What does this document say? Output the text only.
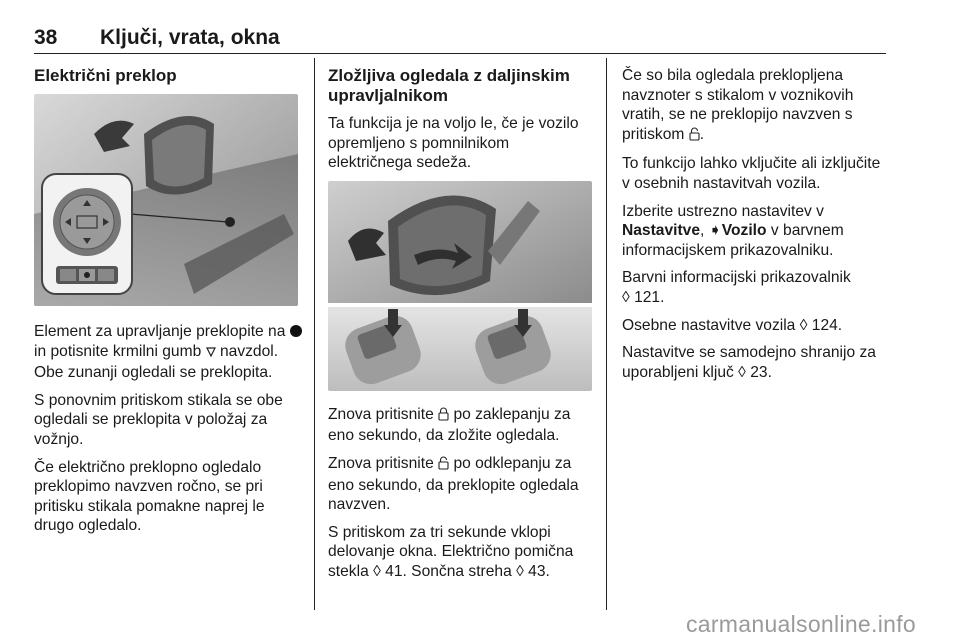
38 Ključi, vrata, okna
Električni preklop

Element za upravljanje preklopite na  in potisnite krmilni gumb navzdol. Obe zunanji ogledali se preklopita.

S ponovnim pritiskom stikala se obe ogledali se preklopita v položaj za vožnjo.

Če električno preklopno ogledalo preklopimo navzven ročno, se pri pritisku stikala pomakne naprej le drugo ogledalo.

Zložljiva ogledala z daljinskim upravljalnikom

Ta funkcija je na voljo le, če je vozilo opremljeno s pomnilnikom električnega sedeža.

Znova pritisnite po zaklepanju za eno sekundo, da zložite ogledala.

Znova pritisnite po odklepanju za eno sekundo, da preklopite ogledala navzven.

S pritiskom za tri sekunde vklopi delovanje okna. Električno pomična stekla ◊ 41. Sončna streha ◊ 43.

Če so bila ogledala preklopljena navznoter s stikalom v voznikovih vratih, se ne preklopijo navzven s pritiskom .

To funkcijo lahko vključite ali izključite v osebnih nastavitvah vozila.

Izberite ustrezno nastavitev v Nastavitve, ➧Vozilo v barvnem informacijskem prikazovalniku.

Barvni informacijski prikazovalnik
◊ 121.

Osebne nastavitve vozila ◊ 124.

Nastavitve se samodejno shranijo za uporabljeni ključ ◊ 23.

carmanualsonline.info
